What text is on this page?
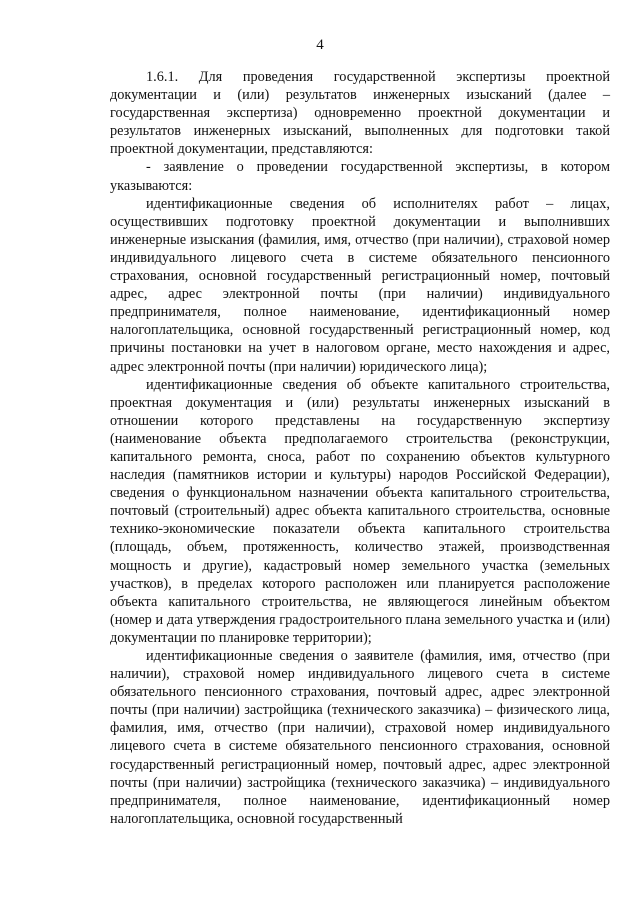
4

1.6.1. Для проведения государственной экспертизы проектной документации и (или) результатов инженерных изысканий (далее – государственная экспертиза) одновременно проектной документации и результатов инженерных изысканий, выполненных для подготовки такой проектной документации, представляются:

- заявление о проведении государственной экспертизы, в котором указываются:

идентификационные сведения об исполнителях работ – лицах, осуществивших подготовку проектной документации и выполнивших инженерные изыскания (фамилия, имя, отчество (при наличии), страховой номер индивидуального лицевого счета в системе обязательного пенсионного страхования, основной государственный регистрационный номер, почтовый адрес, адрес электронной почты (при наличии) индивидуального предпринимателя, полное наименование, идентификационный номер налогоплательщика, основной государственный регистрационный номер, код причины постановки на учет в налоговом органе, место нахождения и адрес, адрес электронной почты (при наличии) юридического лица);

идентификационные сведения об объекте капитального строительства, проектная документация и (или) результаты инженерных изысканий в отношении которого представлены на государственную экспертизу (наименование объекта предполагаемого строительства (реконструкции, капитального ремонта, сноса, работ по сохранению объектов культурного наследия (памятников истории и культуры) народов Российской Федерации), сведения о функциональном назначении объекта капитального строительства, почтовый (строительный) адрес объекта капитального строительства, основные технико-экономические показатели объекта капитального строительства (площадь, объем, протяженность, количество этажей, производственная мощность и другие), кадастровый номер земельного участка (земельных участков), в пределах которого расположен или планируется расположение объекта капитального строительства, не являющегося линейным объектом (номер и дата утверждения градостроительного плана земельного участка и (или) документации по планировке территории);

идентификационные сведения о заявителе (фамилия, имя, отчество (при наличии), страховой номер индивидуального лицевого счета в системе обязательного пенсионного страхования, почтовый адрес, адрес электронной почты (при наличии) застройщика (технического заказчика) – физического лица, фамилия, имя, отчество (при наличии), страховой номер индивидуального лицевого счета в системе обязательного пенсионного страхования, основной государственный регистрационный номер, почтовый адрес, адрес электронной почты (при наличии) застройщика (технического заказчика) – индивидуального предпринимателя, полное наименование, идентификационный номер налогоплательщика, основной государственный
